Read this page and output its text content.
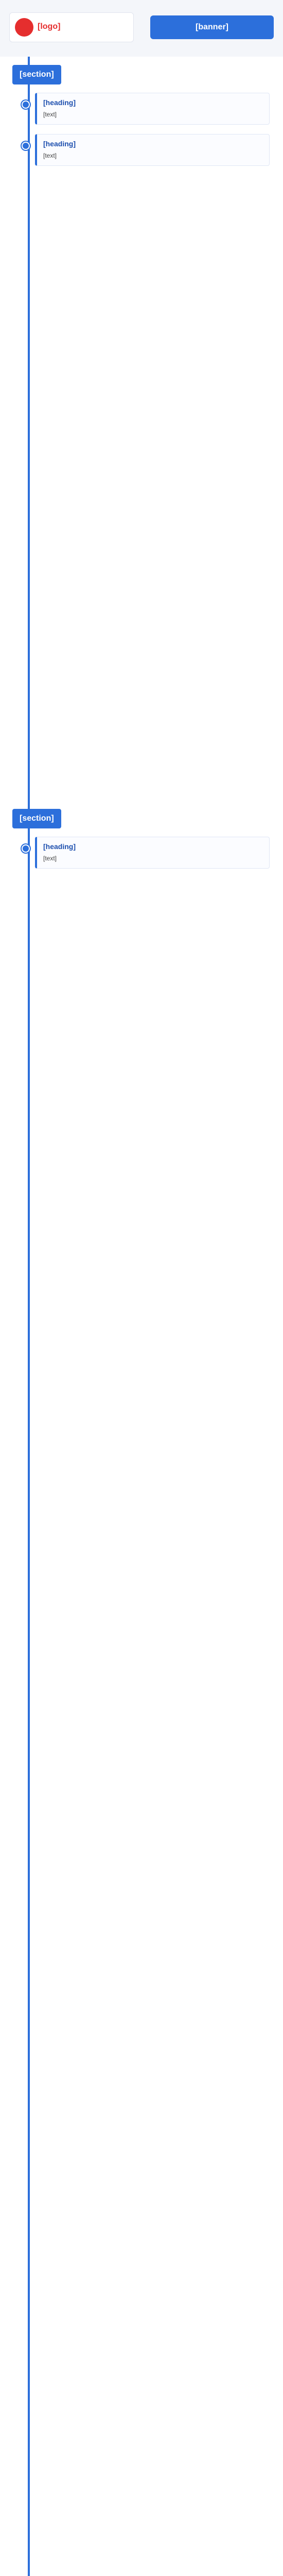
[logo]	[banner]
[section]
[heading]
[text]
[heading]
[text]
[section]
[heading]
[text]
